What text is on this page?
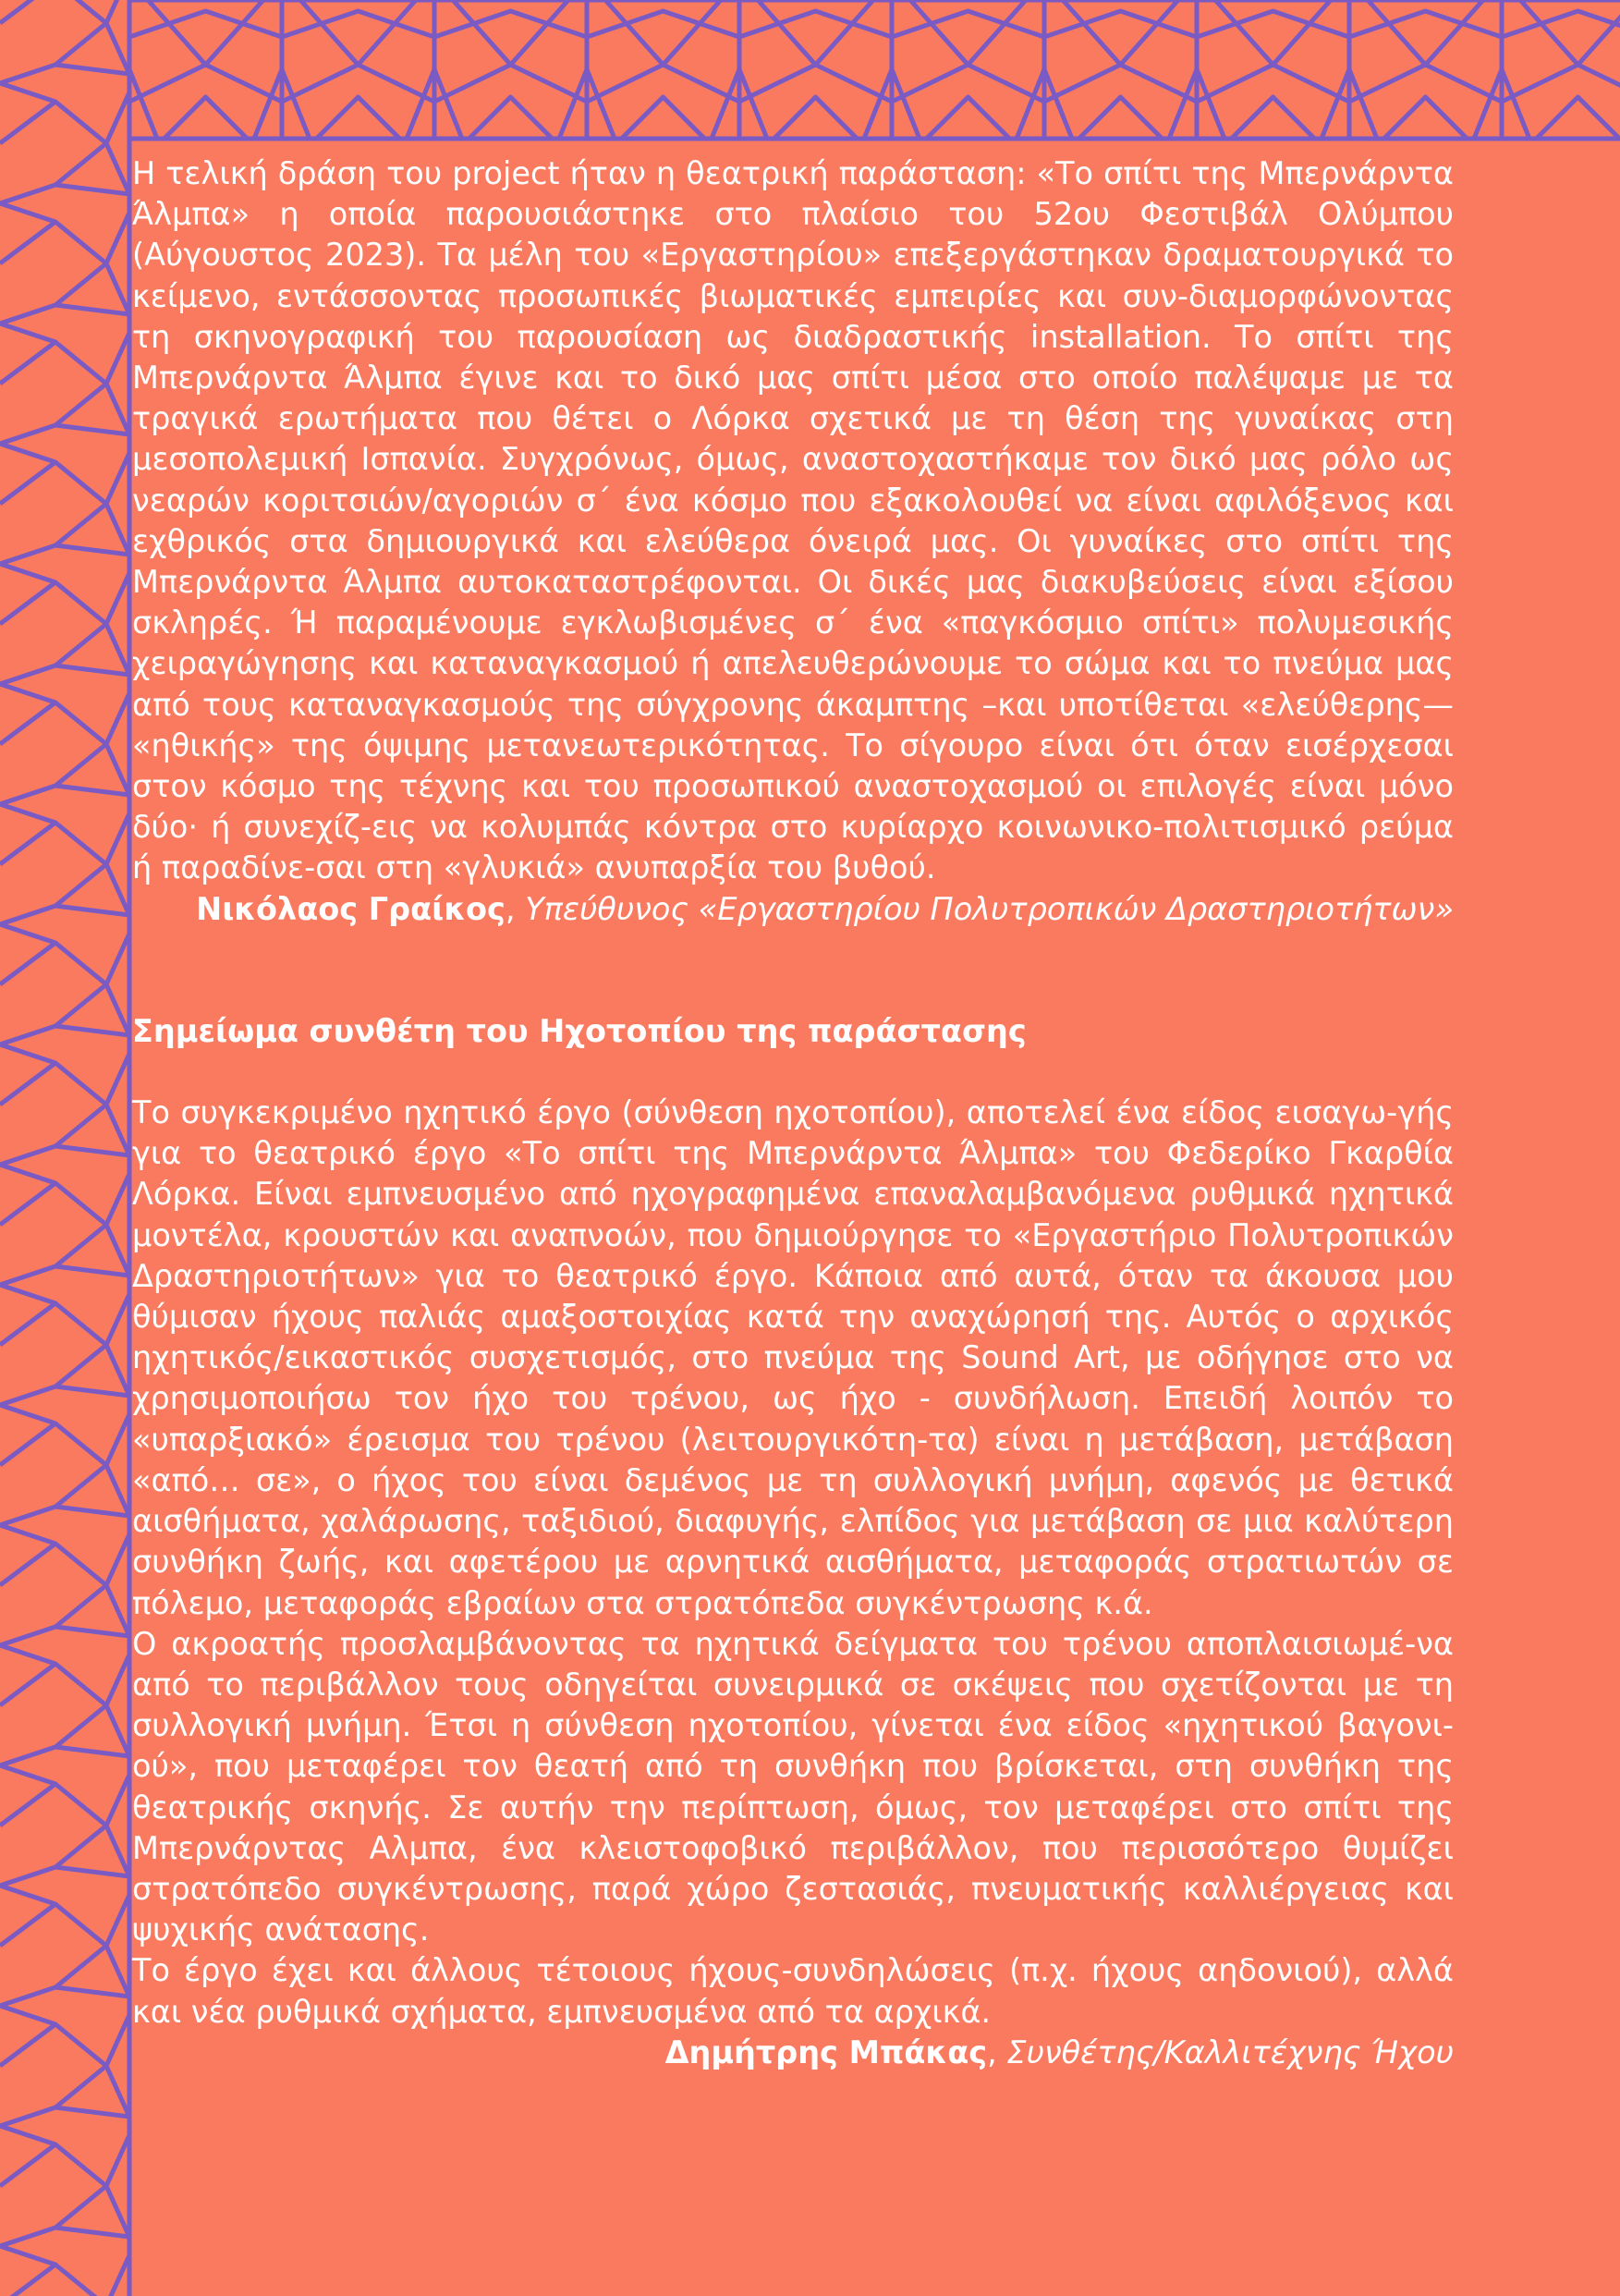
Η τελική δράση του project ήταν η θεατρική παράσταση: «Το σπίτι της Μπερνάρντα Άλμπα» η οποία παρουσιάστηκε στο πλαίσιο του 52ου Φεστιβάλ Ολύμπου (Αύγουστος 2023). Τα μέλη του «Εργαστηρίου» επεξεργάστηκαν δραματουργικά το κείμενο, εντάσσοντας προσωπικές βιωματικές εμπειρίες και συν-διαμορφώνοντας τη σκηνογραφική του παρουσίαση ως διαδραστικής installation. Το σπίτι της Μπερνάρντα Άλμπα έγινε και το δικό μας σπίτι μέσα στο οποίο παλέψαμε με τα τραγικά ερωτήματα που θέτει ο Λόρκα σχετικά με τη θέση της γυναίκας στη μεσοπολεμική Ισπανία. Συγχρόνως, όμως, αναστοχαστήκαμε τον δικό μας ρόλο ως νεαρών κοριτσιών/αγοριών σ΄ ένα κόσμο που εξακολουθεί να είναι αφιλόξενος και εχθρικός στα δημιουργικά και ελεύθερα όνειρά μας. Οι γυναίκες στο σπίτι της Μπερνάρντα Άλμπα αυτοκαταστρέφονται. Οι δικές μας διακυβεύσεις είναι εξίσου σκληρές. Ή παραμένουμε εγκλωβισμένες σ΄ ένα «παγκόσμιο σπίτι» πολυμεσικής χειραγώγησης και καταναγκασμού ή απελευθερώνουμε το σώμα και το πνεύμα μας από τους καταναγκασμούς της σύγχρονης άκαμπτης –και υποτίθεται «ελεύθερης— «ηθικής» της όψιμης μετανεωτερικότητας. Το σίγουρο είναι ότι όταν εισέρχεσαι στον κόσμο της τέχνης και του προσωπικού αναστοχασμού οι επιλογές είναι μόνο δύο· ή συνεχίζ-εις να κολυμπάς κόντρα στο κυρίαρχο κοινωνικο-πολιτισμικό ρεύμα ή παραδίνε-σαι στη «γλυκιά» ανυπαρξία του βυθού.

Νικόλαος Γραίκος, Υπεύθυνος «Εργαστηρίου Πολυτροπικών Δραστηριοτήτων»

Σημείωμα συνθέτη του Ηχοτοπίου της παράστασης

Το συγκεκριμένο ηχητικό έργο (σύνθεση ηχοτοπίου), αποτελεί ένα είδος εισαγω-γής για το θεατρικό έργο «Το σπίτι της Μπερνάρντα Άλμπα» του Φεδερίκο Γκαρθία Λόρκα. Είναι εμπνευσμένο από ηχογραφημένα επαναλαμβανόμενα ρυθμικά ηχητικά μοντέλα, κρουστών και αναπνοών, που δημιούργησε το «Εργαστήριο Πολυτροπικών Δραστηριοτήτων» για το θεατρικό έργο. Κάποια από αυτά, όταν τα άκουσα μου θύμισαν ήχους παλιάς αμαξοστοιχίας κατά την αναχώρησή της. Αυτός ο αρχικός ηχητικός/εικαστικός συσχετισμός, στο πνεύμα της Sound Art, με οδήγησε στο να χρησιμοποιήσω τον ήχο του τρένου, ως ήχο - συνδήλωση. Επειδή λοιπόν το «υπαρξιακό» έρεισμα του τρένου (λειτουργικότη-τα) είναι η μετάβαση, μετάβαση «από… σε», ο ήχος του είναι δεμένος με τη συλλογική μνήμη, αφενός με θετικά αισθήματα, χαλάρωσης, ταξιδιού, διαφυγής, ελπίδος για μετάβαση σε μια καλύτερη συνθήκη ζωής, και αφετέρου με αρνητικά αισθήματα, μεταφοράς στρατιωτών σε πόλεμο, μεταφοράς εβραίων στα στρατόπεδα συγκέντρωσης κ.ά.

Ο ακροατής προσλαμβάνοντας τα ηχητικά δείγματα του τρένου αποπλαισιωμέ-να από το περιβάλλον τους οδηγείται συνειρμικά σε σκέψεις που σχετίζονται με τη συλλογική μνήμη. Έτσι η σύνθεση ηχοτοπίου, γίνεται ένα είδος «ηχητικού βαγονι-ού», που μεταφέρει τον θεατή από τη συνθήκη που βρίσκεται, στη συνθήκη της θεατρικής σκηνής. Σε αυτήν την περίπτωση, όμως, τον μεταφέρει στο σπίτι της Μπερνάρντας Αλμπα, ένα κλειστοφοβικό περιβάλλον, που περισσότερο θυμίζει στρατόπεδο συγκέντρωσης, παρά χώρο ζεστασιάς, πνευματικής καλλιέργειας και ψυχικής ανάτασης.

Το έργο έχει και άλλους τέτοιους ήχους-συνδηλώσεις (π.χ. ήχους αηδονιού), αλλά και νέα ρυθμικά σχήματα, εμπνευσμένα από τα αρχικά.

Δημήτρης Μπάκας, Συνθέτης/Καλλιτέχνης Ήχου
